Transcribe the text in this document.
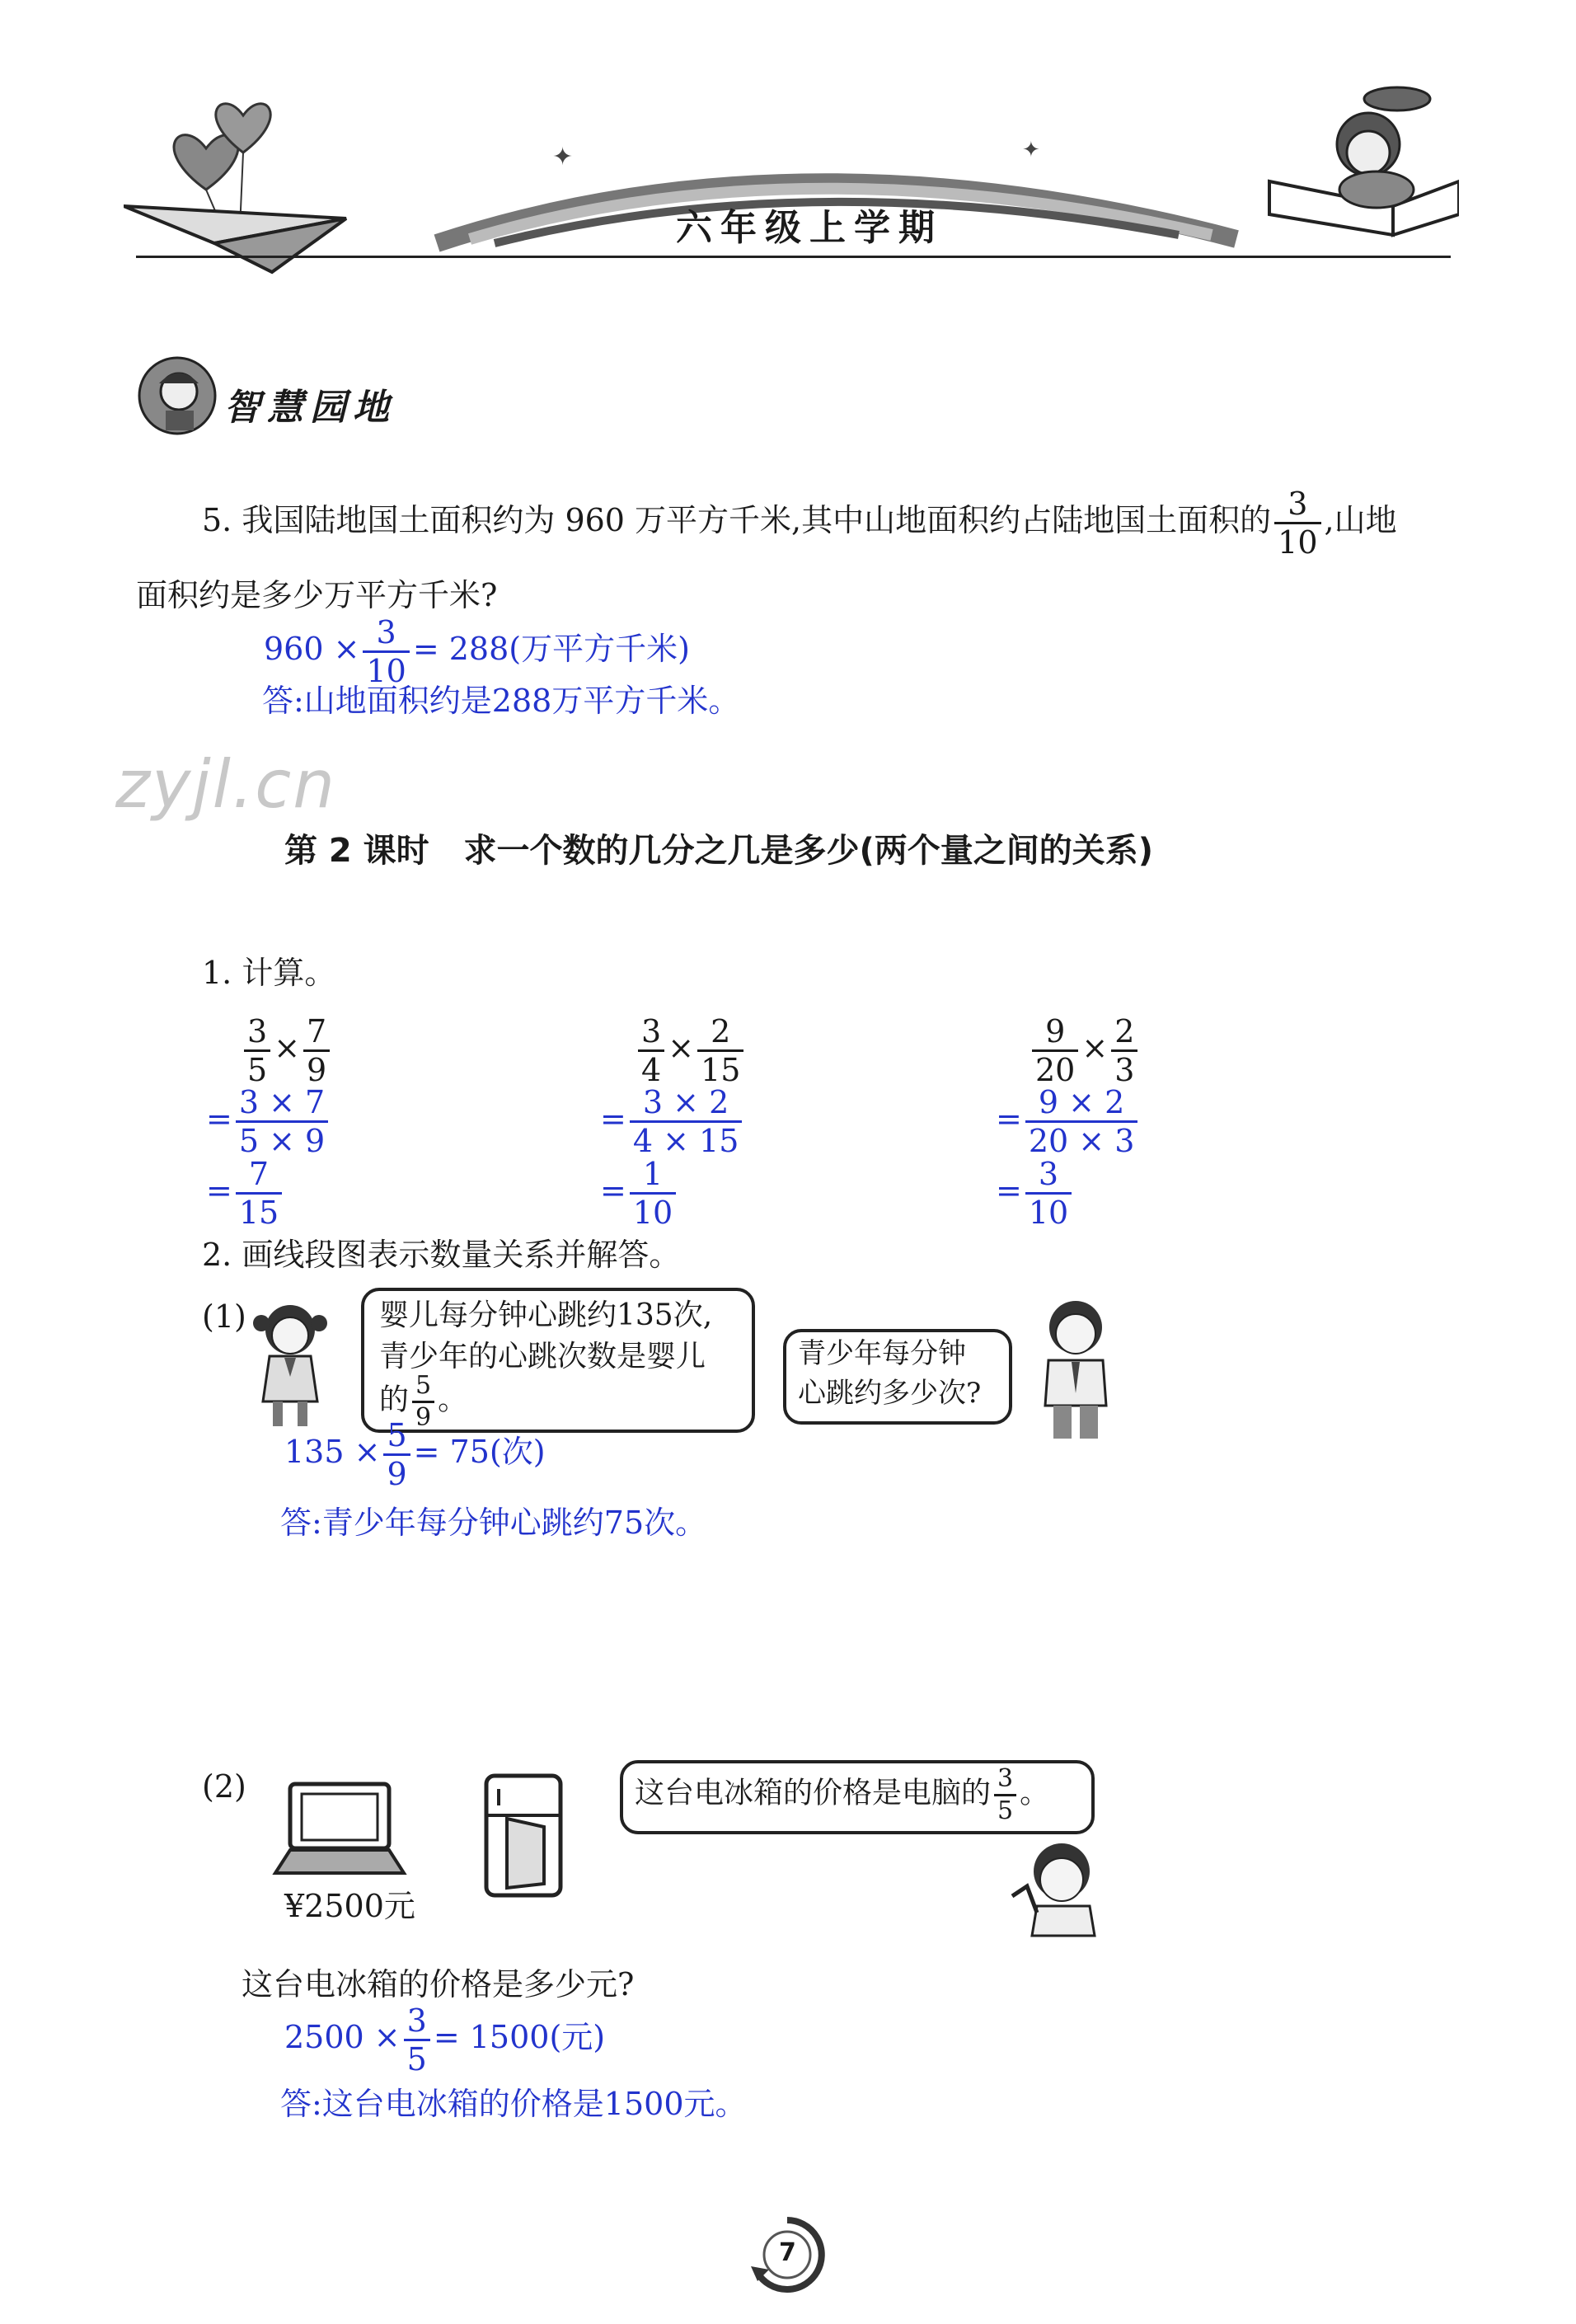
✦	✦
六年级上学期
智慧园地
5. 我国陆地国土面积约为 960 万平方千米,其中山地面积约占陆地国土面积的 $\frac{3}{10}$ ,山地
面积约是多少万平方千米?
$960 \times \frac{3}{10} = 288$(万平方千米)
答:山地面积约是288万平方千米。
zyjl.cn
第 2 课时   求一个数的几分之几是多少(两个量之间的关系)
1. 计算。
$\frac{3}{5} \times \frac{7}{9}$
= $\frac{3 \times 7}{5 \times 9}$
= $\frac{7}{15}$
$\frac{3}{4} \times \frac{2}{15}$
= $\frac{3 \times 2}{4 \times 15}$
= $\frac{1}{10}$
$\frac{9}{20} \times \frac{2}{3}$
= $\frac{9 \times 2}{20 \times 3}$
= $\frac{3}{10}$
2. 画线段图表示数量关系并解答。
(1)	婴儿每分钟心跳约135次,
青少年的心跳次数是婴儿
的 $\frac{5}{9}$ 。
青少年每分钟
心跳约多少次?
$135 \times \frac{5}{9} = 75$(次)
答:青少年每分钟心跳约75次。
(2)
¥2500元
这台电冰箱的价格是电脑的 $\frac{3}{5}$ 。
这台电冰箱的价格是多少元?
$2500 \times \frac{3}{5} = 1500$(元)
答:这台电冰箱的价格是1500元。
7
